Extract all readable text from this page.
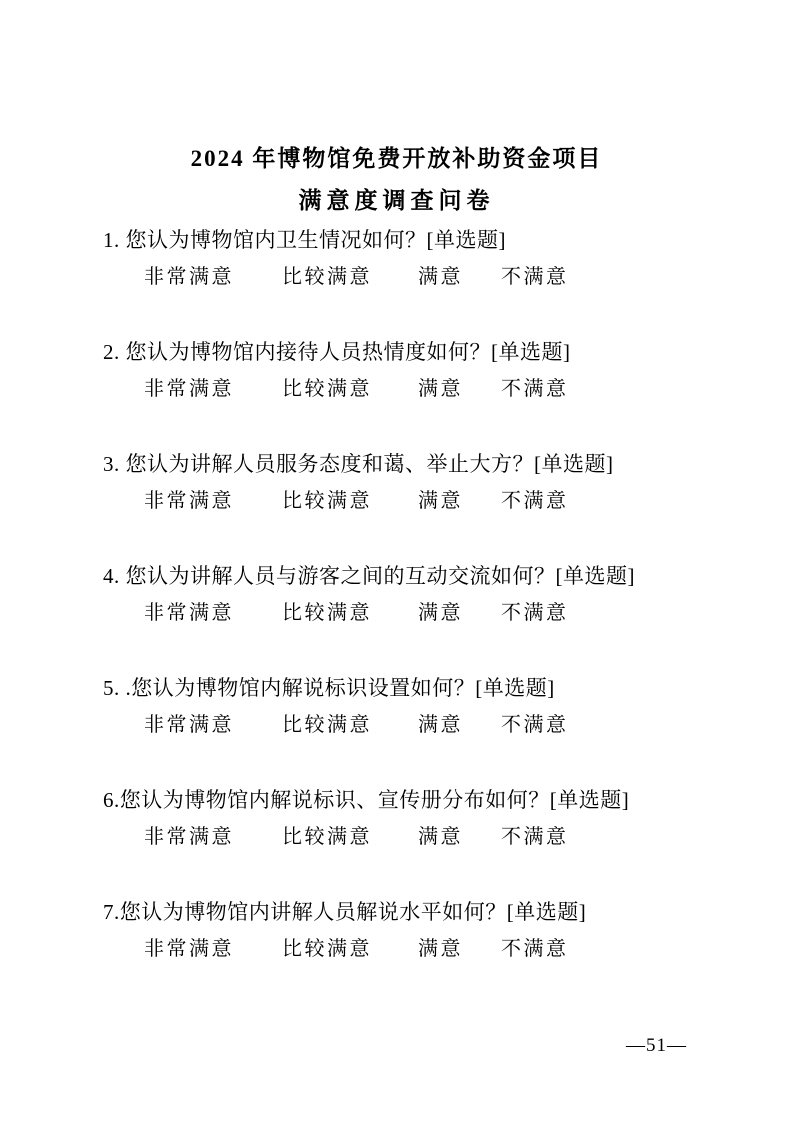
2024 年博物馆免费开放补助资金项目
满意度调查问卷
1. 您认为博物馆内卫生情况如何？[单选题]
非常满意 比较满意 满意 不满意
2. 您认为博物馆内接待人员热情度如何？[单选题]
非常满意 比较满意 满意 不满意
3. 您认为讲解人员服务态度和蔼、举止大方？[单选题]
非常满意 比较满意 满意 不满意
4. 您认为讲解人员与游客之间的互动交流如何？[单选题]
非常满意 比较满意 满意 不满意
5. .您认为博物馆内解说标识设置如何？[单选题]
非常满意 比较满意 满意 不满意
6.您认为博物馆内解说标识、宣传册分布如何？[单选题]
非常满意 比较满意 满意 不满意
7.您认为博物馆内讲解人员解说水平如何？[单选题]
非常满意 比较满意 满意 不满意
—51—
